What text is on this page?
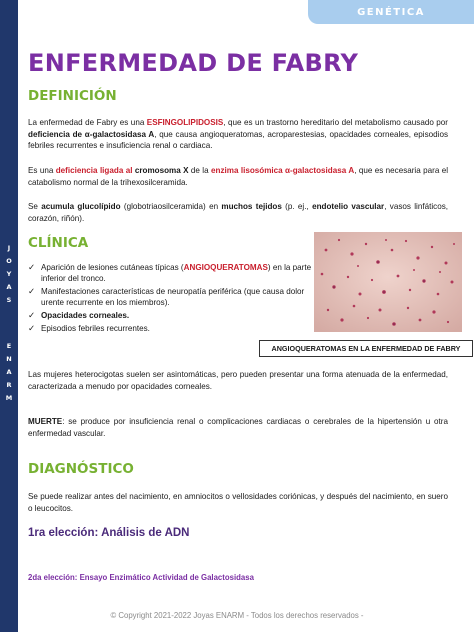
J
O
Y
A
S
E
N
A
R
M
GENÉTICA
ENFERMEDAD DE FABRY
DEFINICIÓN

La enfermedad de Fabry es una ESFINGOLIPIDOSIS, que es un trastorno hereditario del metabolismo causado por deficiencia de α-galactosidasa A, que causa angioqueratomas, acroparestesias, opacidades corneales, episodios febriles recurrentes e insuficiencia renal o cardiaca.

Es una deficiencia ligada al cromosoma X de la enzima lisosómica α-galactosidasa A, que es necesaria para el catabolismo normal de la trihexosilceramida.

Se acumula glucolípido (globotriaosilceramida) en muchos tejidos (p. ej., endotelio vascular, vasos linfáticos, corazón, riñón).

CLÍNICA
✓ Aparición de lesiones cutáneas típicas (ANGIOQUERATOMAS) en la parte inferior del tronco.
✓ Manifestaciones características de neuropatía periférica (que causa dolor urente recurrente en los miembros).
✓ Opacidades corneales.
✓ Episodios febriles recurrentes.
ANGIOQUERATOMAS EN LA ENFERMEDAD DE FABRY

Las mujeres heterocigotas suelen ser asintomáticas, pero pueden presentar una forma atenuada de la enfermedad, caracterizada a menudo por opacidades corneales.

MUERTE: se produce por insuficiencia renal o complicaciones cardiacas o cerebrales de la hipertensión u otra enfermedad vascular.

DIAGNÓSTICO

Se puede realizar antes del nacimiento, en amniocitos o vellosidades coriónicas, y después del nacimiento, en suero o leucocitos.

1ra elección: Análisis de ADN
2da elección: Ensayo Enzimático Actividad de Galactosidasa
© Copyright 2021-2022 Joyas ENARM - Todos los derechos reservados -
